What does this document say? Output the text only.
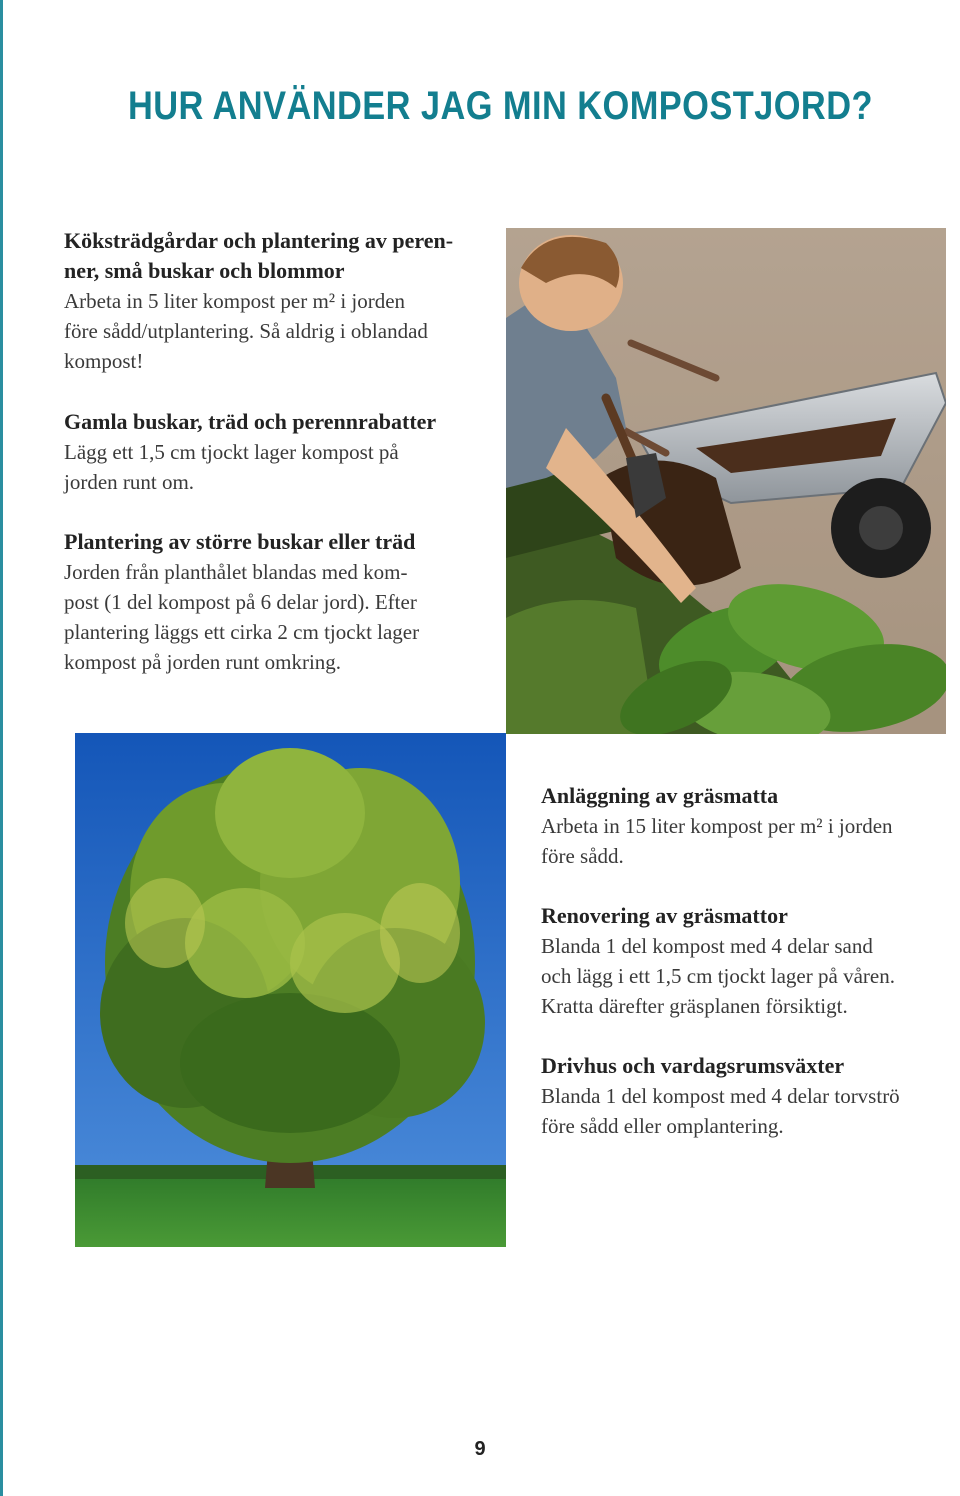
HUR ANVÄNDER JAG MIN KOMPOSTJORD?
Köksträdgårdar och plantering av peren-
ner, små buskar och blommor

Arbeta in 5 liter kompost per m² i jorden
före sådd/utplantering. Så aldrig i oblandad
kompost!

Gamla buskar, träd och perennrabatter

Lägg ett 1,5 cm tjockt lager kompost på
jorden runt om.

Plantering av större buskar eller träd

Jorden från planthålet blandas med kom-
post (1 del kompost på 6 delar jord). Efter
plantering läggs ett cirka 2 cm tjockt lager
kompost på jorden runt omkring.

Anläggning av gräsmatta

Arbeta in 15 liter kompost per m² i jorden
före sådd.

Renovering av gräsmattor

Blanda 1 del kompost med 4 delar sand
och lägg i ett 1,5 cm tjockt lager på våren.
Kratta därefter gräsplanen försiktigt.

Drivhus och vardagsrumsväxter

Blanda 1 del kompost med 4 delar torvströ
före sådd eller omplantering.

9
